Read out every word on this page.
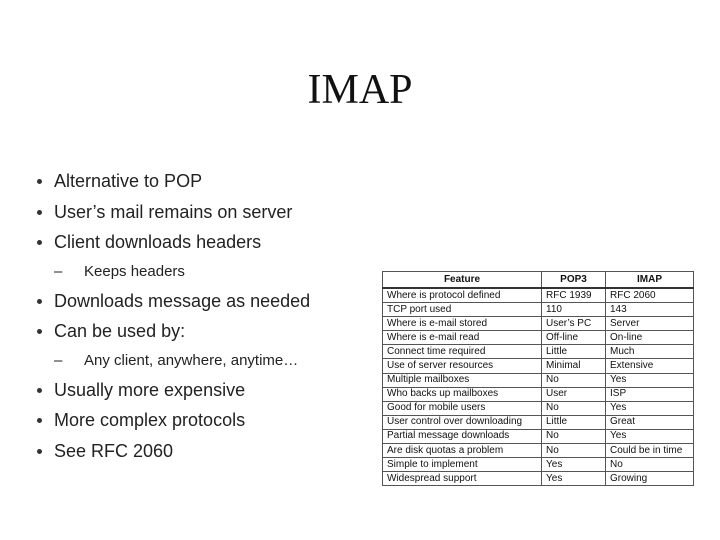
IMAP
Alternative to POP
User’s mail remains on server
Client downloads headers
– Keeps headers
Downloads message as needed
Can be used by:
– Any client, anywhere, anytime…
Usually more expensive
More complex protocols
See RFC 2060
Feature	POP3	IMAP
Where is protocol defined	RFC 1939	RFC 2060
TCP port used	110	143
Where is e-mail stored	User’s PC	Server
Where is e-mail read	Off-line	On-line
Connect time required	Little	Much
Use of server resources	Minimal	Extensive
Multiple mailboxes	No	Yes
Who backs up mailboxes	User	ISP
Good for mobile users	No	Yes
User control over downloading	Little	Great
Partial message downloads	No	Yes
Are disk quotas a problem	No	Could be in time
Simple to implement	Yes	No
Widespread support	Yes	Growing
